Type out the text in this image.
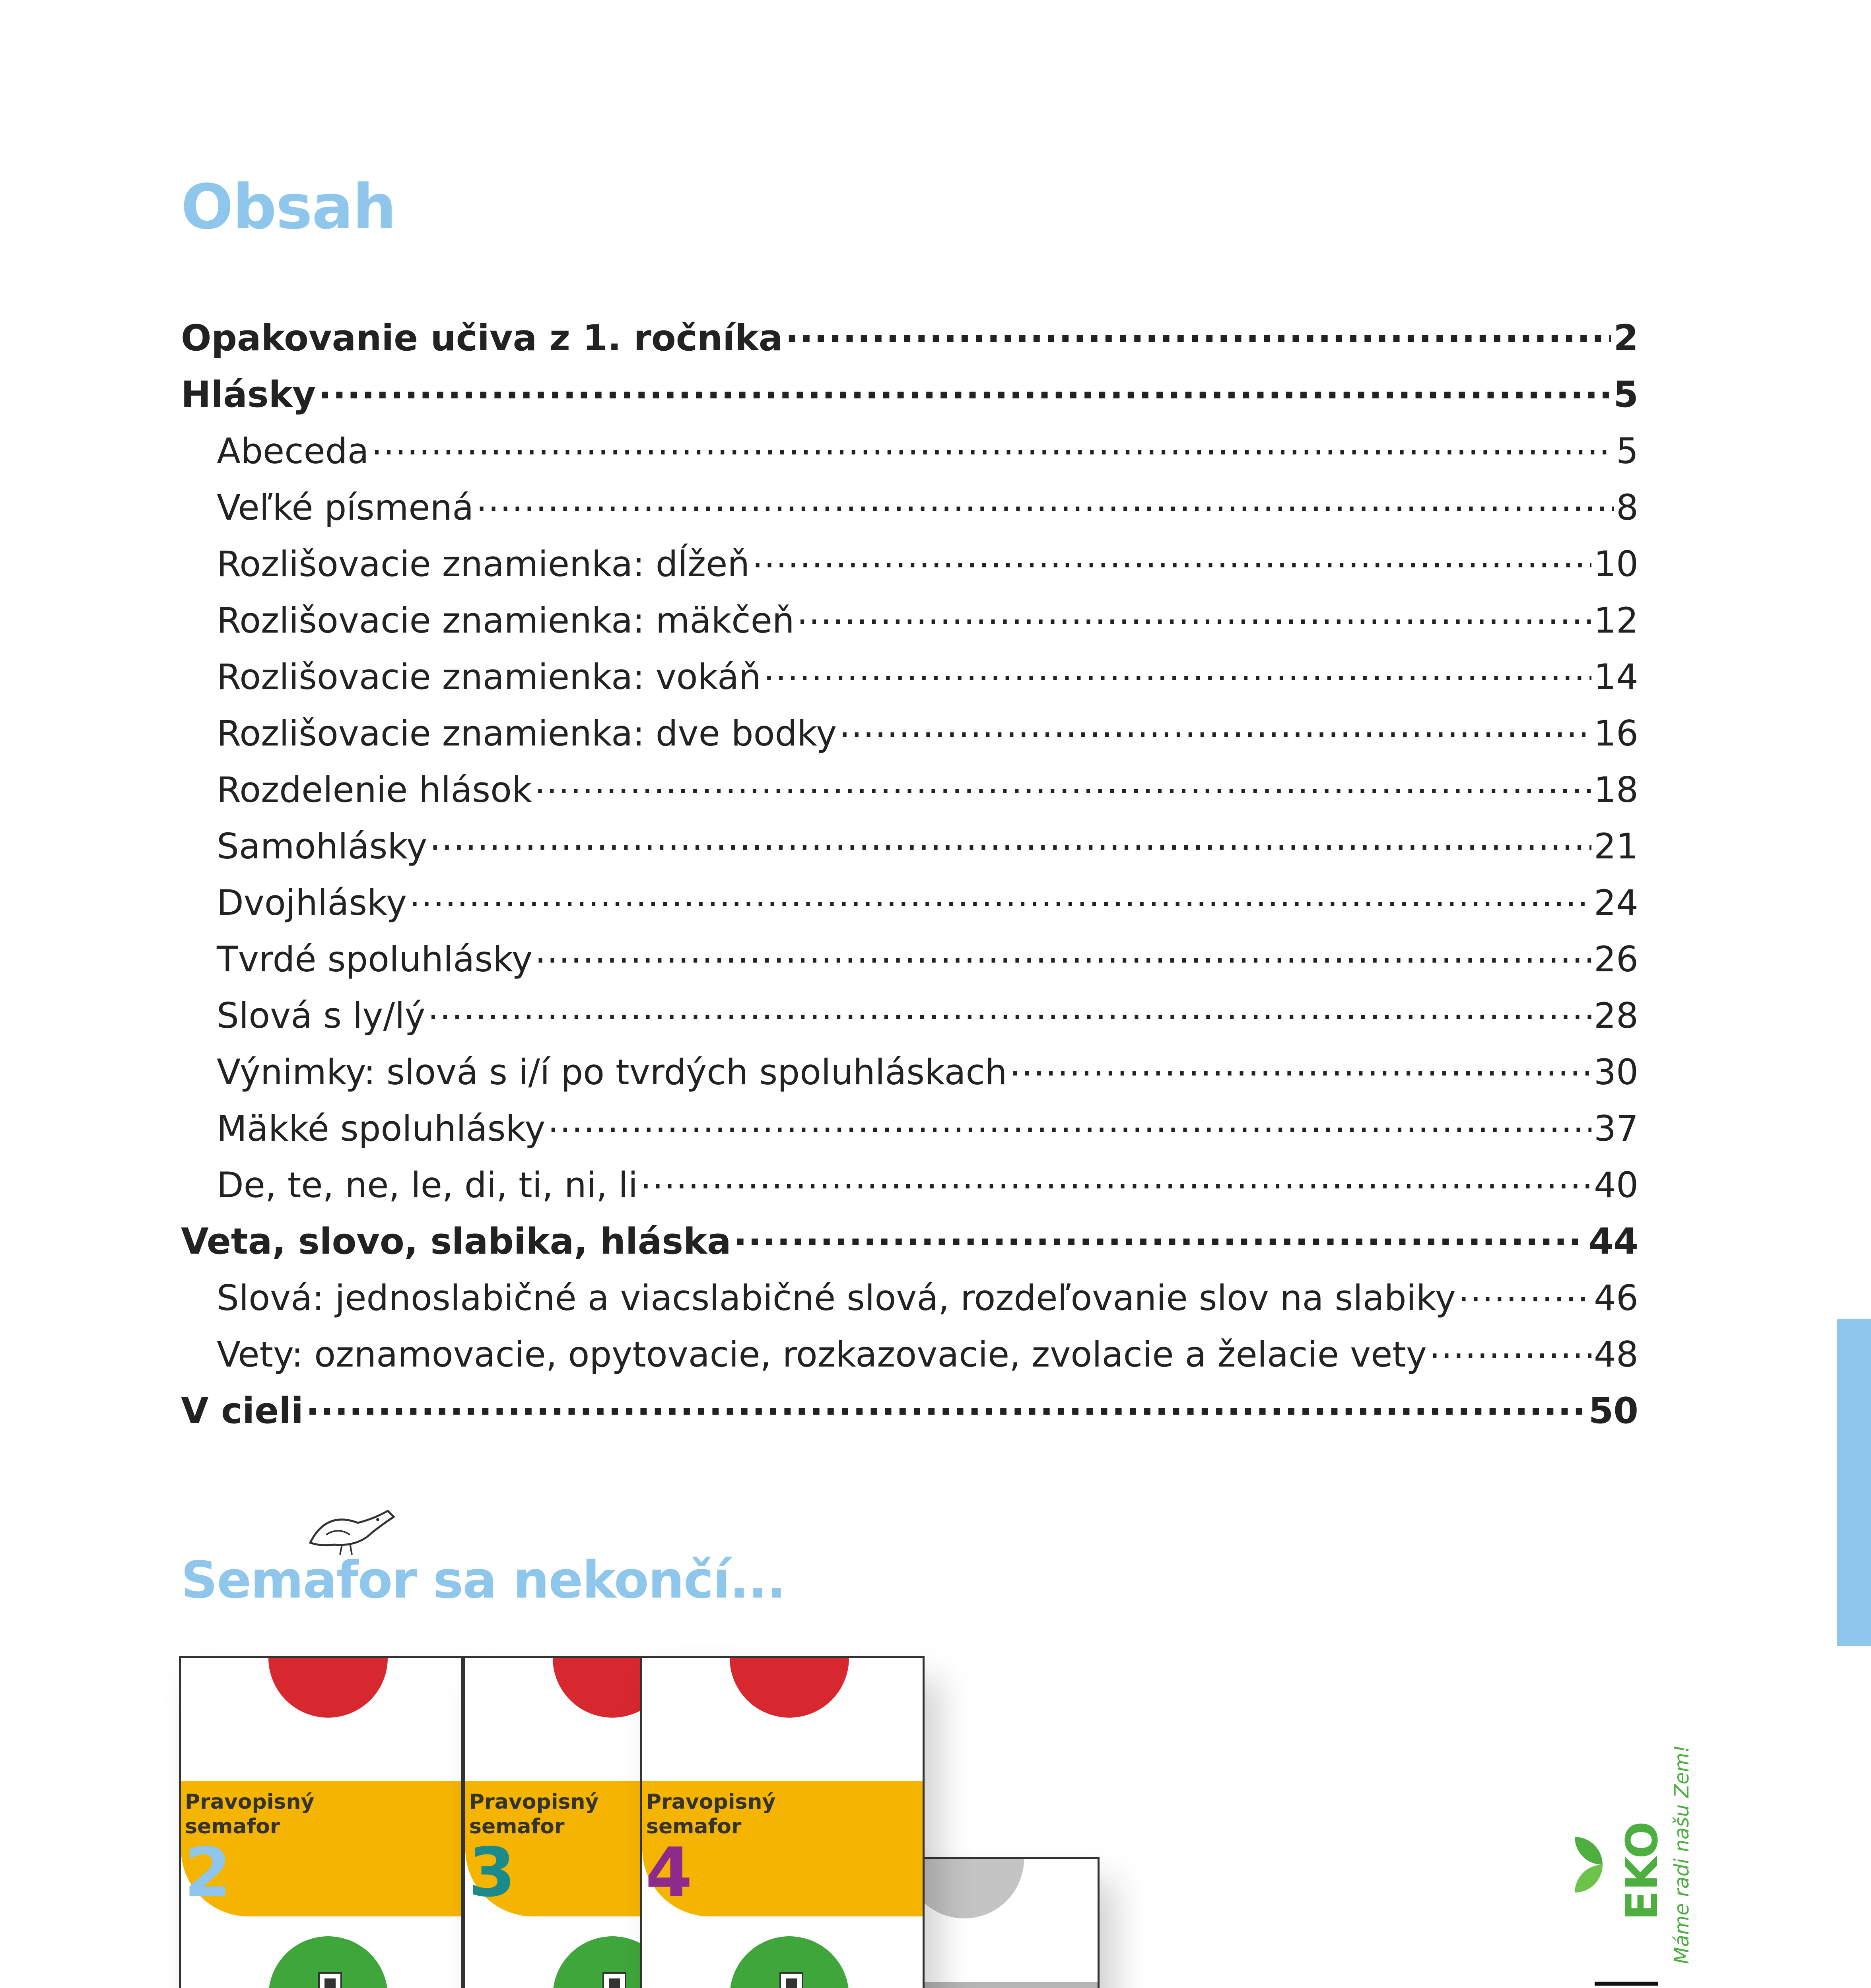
Obsah
Opakovanie učiva z 1. ročníka .....	2
Hlásky .....	5
Abeceda .....	5
Veľké písmená .....	8
Rozlišovacie znamienka: dĺžeň .....	10
Rozlišovacie znamienka: mäkčeň .....	12
Rozlišovacie znamienka: vokáň .....	14
Rozlišovacie znamienka: dve bodky .....	16
Rozdelenie hlások .....	18
Samohlásky .....	21
Dvojhlásky .....	24
Tvrdé spoluhlásky .....	26
Slová s ly/lý .....	28
Výnimky: slová s i/í po tvrdých spoluhláskach .....	30
Mäkké spoluhlásky .....	37
De, te, ne, le, di, ti, ni, li .....	40
Veta, slovo, slabika, hláska .....	44
Slová: jednoslabičné a viacslabičné slová, rozdeľovanie slov na slabiky .....	46
Vety: oznamovacie, opytovacie, rozkazovacie, zvolacie a želacie vety .....	48
V cieli .....	50
Semafor sa nekončí...
Ingrid Jančiarová
Pravopisný
semafor
2
Ingrid Jančiarová
Pravopisný
semafor
3
Ingrid Jančiarová
Pravopisný
semafor
4	EKO Máme radi našu Zem!
